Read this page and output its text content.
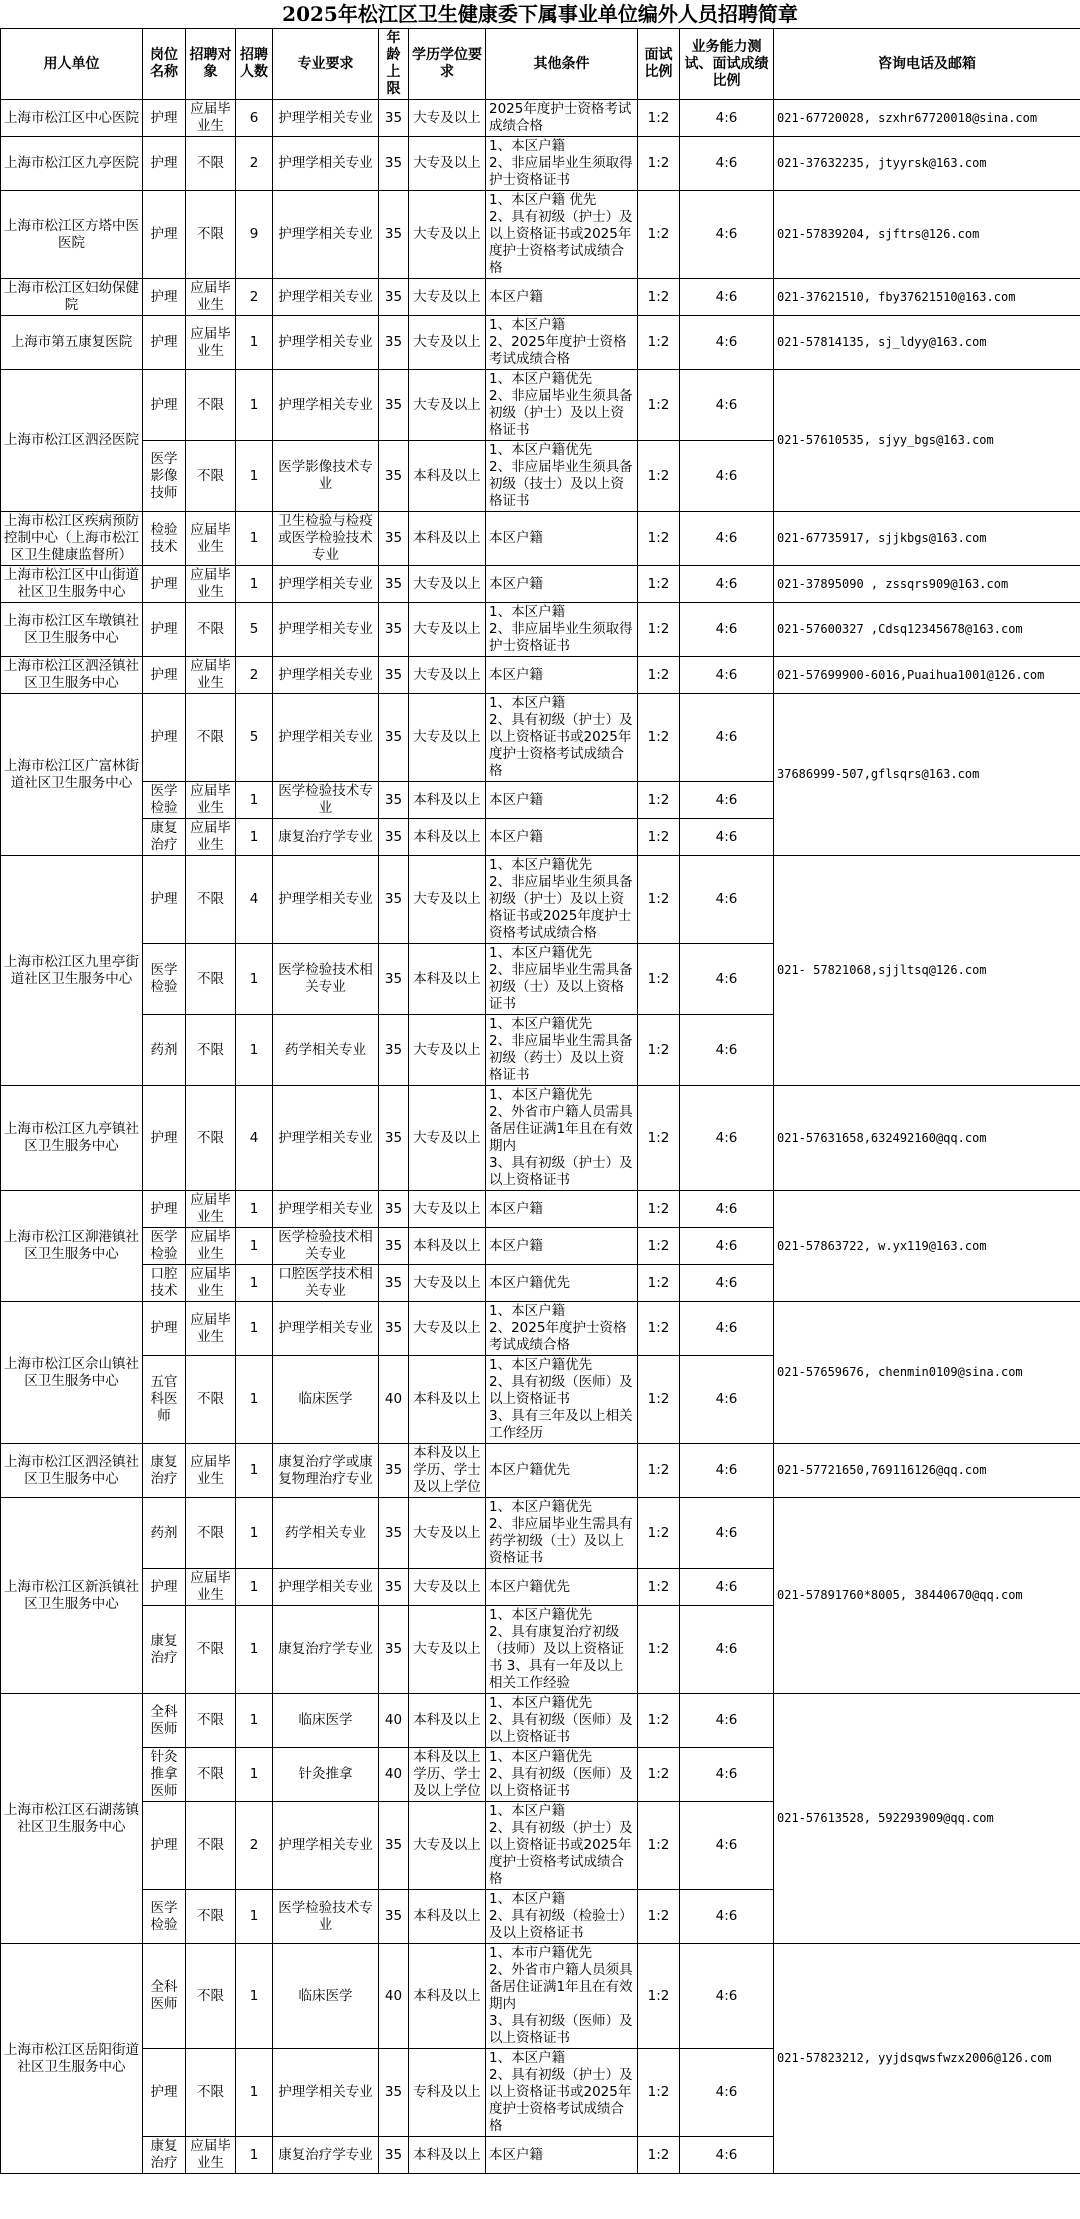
2025年松江区卫生健康委下属事业单位编外人员招聘简章
用人单位	岗位名称	招聘对象	招聘人数	专业要求	年龄上限	学历学位要求	其他条件	面试比例	业务能力测试、面试成绩比例	咨询电话及邮箱
上海市松江区中心医院	护理	应届毕业生	6	护理学相关专业	35	大专及以上	2025年度护士资格考试成绩合格	1:2	4:6	021-67720028, szxhr67720018@sina.com
上海市松江区九亭医院	护理	不限	2	护理学相关专业	35	大专及以上	1、本区户籍
2、非应届毕业生须取得护士资格证书	1:2	4:6	021-37632235, jtyyrsk@163.com
上海市松江区方塔中医医院	护理	不限	9	护理学相关专业	35	大专及以上	1、本区户籍 优先
2、具有初级（护士）及以上资格证书或2025年度护士资格考试成绩合格	1:2	4:6	021-57839204, sjftrs@126.com
上海市松江区妇幼保健院	护理	应届毕业生	2	护理学相关专业	35	大专及以上	本区户籍	1:2	4:6	021-37621510, fby37621510@163.com
上海市第五康复医院	护理	应届毕业生	1	护理学相关专业	35	大专及以上	1、本区户籍
2、2025年度护士资格考试成绩合格	1:2	4:6	021-57814135, sj_ldyy@163.com
上海市松江区泗泾医院	护理	不限	1	护理学相关专业	35	大专及以上	1、本区户籍优先
2、非应届毕业生须具备初级（护士）及以上资格证书	1:2	4:6	021-57610535, sjyy_bgs@163.com
	医学影像技师	不限	1	医学影像技术专业	35	本科及以上	1、本区户籍优先
2、非应届毕业生须具备初级（技士）及以上资格证书	1:2	4:6	
上海市松江区疾病预防控制中心（上海市松江区卫生健康监督所）	检验技术	应届毕业生	1	卫生检验与检疫或医学检验技术专业	35	本科及以上	本区户籍	1:2	4:6	021-67735917, sjjkbgs@163.com
上海市松江区中山街道社区卫生服务中心	护理	应届毕业生	1	护理学相关专业	35	大专及以上	本区户籍	1:2	4:6	021-37895090 , zssqrs909@163.com
上海市松江区车墩镇社区卫生服务中心	护理	不限	5	护理学相关专业	35	大专及以上	1、本区户籍
2、非应届毕业生须取得护士资格证书	1:2	4:6	021-57600327 ,Cdsq12345678@163.com
上海市松江区泗泾镇社区卫生服务中心	护理	应届毕业生	2	护理学相关专业	35	大专及以上	本区户籍	1:2	4:6	021-57699900-6016,Puaihua1001@126.com
上海市松江区广富林街道社区卫生服务中心	护理	不限	5	护理学相关专业	35	大专及以上	1、本区户籍
2、具有初级（护士）及以上资格证书或2025年度护士资格考试成绩合格	1:2	4:6	37686999-507,gflsqrs@163.com
	医学检验	应届毕业生	1	医学检验技术专业	35	本科及以上	本区户籍	1:2	4:6	
	康复治疗	应届毕业生	1	康复治疗学专业	35	本科及以上	本区户籍	1:2	4:6	
上海市松江区九里亭街道社区卫生服务中心	护理	不限	4	护理学相关专业	35	大专及以上	1、本区户籍优先
2、非应届毕业生须具备初级（护士）及以上资格证书或2025年度护士资格考试成绩合格	1:2	4:6	021- 57821068,sjjltsq@126.com
	医学检验	不限	1	医学检验技术相关专业	35	本科及以上	1、本区户籍优先
2、非应届毕业生需具备初级（士）及以上资格证书	1:2	4:6	
	药剂	不限	1	药学相关专业	35	大专及以上	1、本区户籍优先
2、非应届毕业生需具备初级（药士）及以上资格证书	1:2	4:6	
上海市松江区九亭镇社区卫生服务中心	护理	不限	4	护理学相关专业	35	大专及以上	1、本区户籍优先
2、外省市户籍人员需具备居住证满1年且在有效期内
3、具有初级（护士）及以上资格证书	1:2	4:6	021-57631658,632492160@qq.com
上海市松江区泖港镇社区卫生服务中心	护理	应届毕业生	1	护理学相关专业	35	大专及以上	本区户籍	1:2	4:6	021-57863722, w.yx119@163.com
	医学检验	应届毕业生	1	医学检验技术相关专业	35	本科及以上	本区户籍	1:2	4:6	
	口腔技术	应届毕业生	1	口腔医学技术相关专业	35	大专及以上	本区户籍优先	1:2	4:6	
上海市松江区佘山镇社区卫生服务中心	护理	应届毕业生	1	护理学相关专业	35	大专及以上	1、本区户籍
2、2025年度护士资格考试成绩合格	1:2	4:6	021-57659676, chenmin0109@sina.com
	五官科医师	不限	1	临床医学	40	本科及以上	1、本区户籍优先
2、具有初级（医师）及以上资格证书
3、具有三年及以上相关工作经历	1:2	4:6	
上海市松江区泗泾镇社区卫生服务中心	康复治疗	应届毕业生	1	康复治疗学或康复物理治疗专业	35	本科及以上学历、学士及以上学位	本区户籍优先	1:2	4:6	021-57721650,769116126@qq.com
上海市松江区新浜镇社区卫生服务中心	药剂	不限	1	药学相关专业	35	大专及以上	1、本区户籍优先
2、非应届毕业生需具有药学初级（士）及以上资格证书	1:2	4:6	021-57891760*8005, 38440670@qq.com
	护理	应届毕业生	1	护理学相关专业	35	大专及以上	本区户籍优先	1:2	4:6	
	康复治疗	不限	1	康复治疗学专业	35	大专及以上	1、本区户籍优先
2、具有康复治疗初级（技师）及以上资格证书 3、具有一年及以上相关工作经验	1:2	4:6	
上海市松江区石湖荡镇社区卫生服务中心	全科医师	不限	1	临床医学	40	本科及以上	1、本区户籍优先
2、具有初级（医师）及以上资格证书	1:2	4:6	021-57613528, 592293909@qq.com
	针灸推拿医师	不限	1	针灸推拿	40	本科及以上学历、学士及以上学位	1、本区户籍优先
2、具有初级（医师）及以上资格证书	1:2	4:6	
	护理	不限	2	护理学相关专业	35	大专及以上	1、本区户籍
2、具有初级（护士）及以上资格证书或2025年度护士资格考试成绩合格	1:2	4:6	
	医学检验	不限	1	医学检验技术专业	35	本科及以上	1、本区户籍
2、具有初级（检验士）及以上资格证书	1:2	4:6	
上海市松江区岳阳街道社区卫生服务中心	全科医师	不限	1	临床医学	40	本科及以上	1、本市户籍优先
2、外省市户籍人员须具备居住证满1年且在有效期内
3、具有初级（医师）及以上资格证书	1:2	4:6	021-57823212, yyjdsqwsfwzx2006@126.com
	护理	不限	1	护理学相关专业	35	专科及以上	1、本区户籍
2、具有初级（护士）及以上资格证书或2025年度护士资格考试成绩合格	1:2	4:6	
	康复治疗	应届毕业生	1	康复治疗学专业	35	本科及以上	本区户籍	1:2	4:6	
